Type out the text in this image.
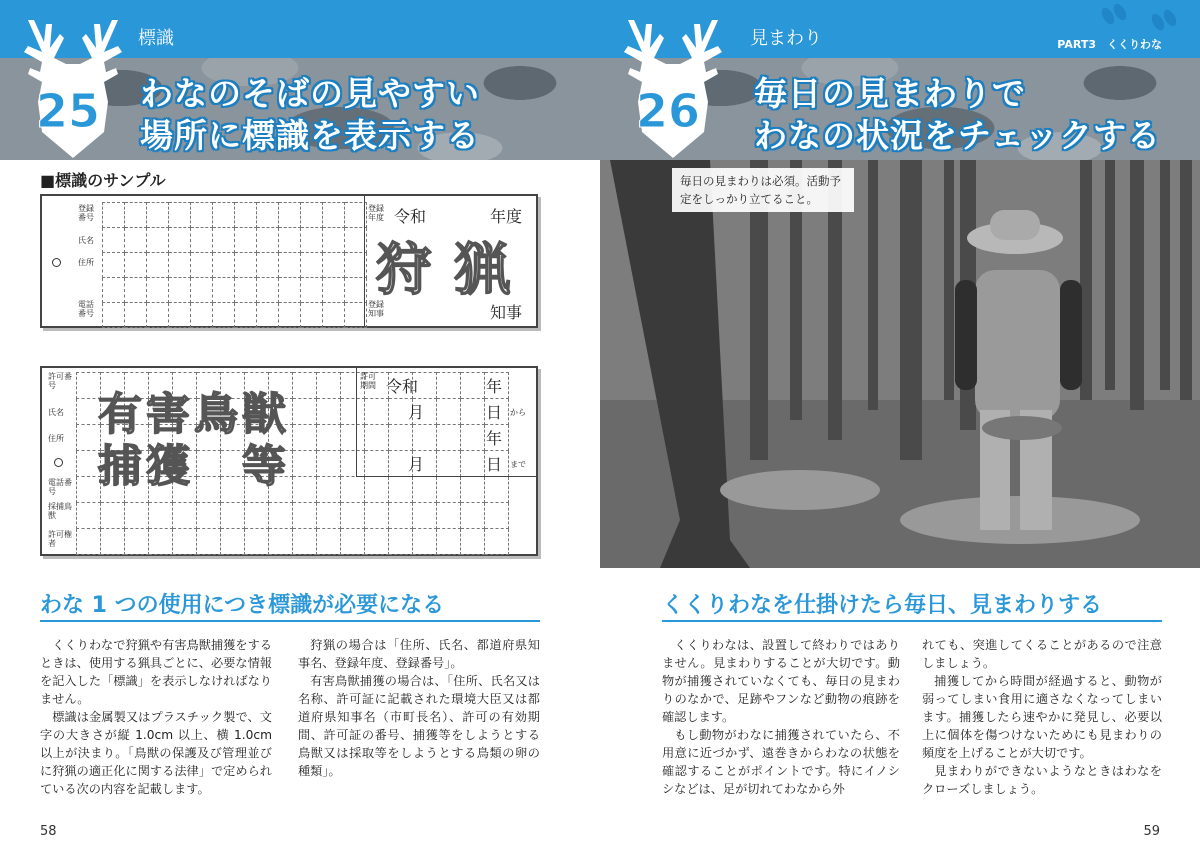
25
標識
わなのそばの見やすい
場所に標識を表示する
■標識のサンプル

登録番号
氏名
住所
電話番号
登録年度
登録知事
令和	年度
知事
狩猟

許可番号
氏名
住所
電話番号
採捕鳥獣
許可権者
許可期間 令和	年
月	日 から
年
月	日 まで
有害鳥獣
捕獲　等
わな 1 つの使用につき標識が必要になる

くくりわなで狩猟や有害鳥獣捕獲をするときは、使用する猟具ごとに、必要な情報を記入した「標識」を表示しなければなりません。

標識は金属製又はプラスチック製で、文字の大きさが縦 1.0cm 以上、横 1.0cm 以上が決まり。「鳥獣の保護及び管理並びに狩猟の適正化に関する法律」で定められている次の内容を記載します。

狩猟の場合は「住所、氏名、都道府県知事名、登録年度、登録番号」。

有害鳥獣捕獲の場合は、「住所、氏名又は名称、許可証に記載された環境大臣又は都道府県知事名（市町長名）、許可の有効期間、許可証の番号、捕獲等をしようとする鳥獣又は採取等をしようとする鳥類の卵の種類」。

58
26
見まわり	PART3　くくりわな
毎日の見まわりで
わなの状況をチェックする
毎日の見まわりは必須。活動予定をしっかり立てること。
くくりわなを仕掛けたら毎日、見まわりする

くくりわなは、設置して終わりではありません。見まわりすることが大切です。動物が捕獲されていなくても、毎日の見まわりのなかで、足跡やフンなど動物の痕跡を確認します。

もし動物がわなに捕獲されていたら、不用意に近づかず、遠巻きからわなの状態を確認することがポイントです。特にイノシシなどは、足が切れてわなから外

れても、突進してくることがあるので注意しましょう。

捕獲してから時間が経過すると、動物が弱ってしまい食用に適さなくなってしまいます。捕獲したら速やかに発見し、必要以上に個体を傷つけないためにも見まわりの頻度を上げることが大切です。

見まわりができないようなときはわなをクローズしましょう。

59
